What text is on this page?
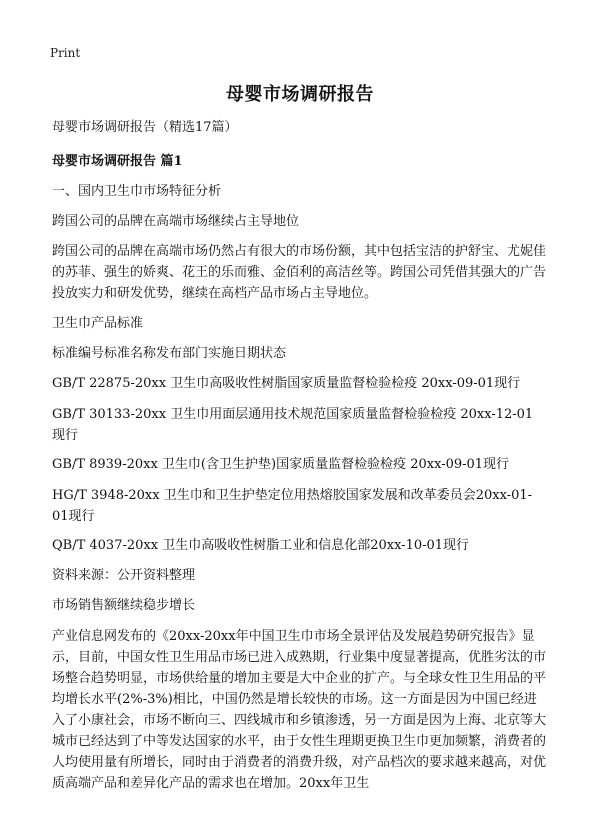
Print
母婴市场调研报告
母婴市场调研报告（精选17篇）
母婴市场调研报告 篇1
一、国内卫生巾市场特征分析
跨国公司的品牌在高端市场继续占主导地位
跨国公司的品牌在高端市场仍然占有很大的市场份额，其中包括宝洁的护舒宝、尤妮佳的苏菲、强生的娇爽、花王的乐而雅、金佰利的高洁丝等。跨国公司凭借其强大的广告投放实力和研发优势，继续在高档产品市场占主导地位。
卫生巾产品标准
标准编号标准名称发布部门实施日期状态
GB/T 22875-20xx 卫生巾高吸收性树脂国家质量监督检验检疫 20xx-09-01现行
GB/T 30133-20xx 卫生巾用面层通用技术规范国家质量监督检验检疫 20xx-12-01现行
GB/T 8939-20xx 卫生巾(含卫生护垫)国家质量监督检验检疫 20xx-09-01现行
HG/T 3948-20xx 卫生巾和卫生护垫定位用热熔胶国家发展和改革委员会20xx-01-01现行
QB/T 4037-20xx 卫生巾高吸收性树脂工业和信息化部20xx-10-01现行
资料来源：公开资料整理
市场销售额继续稳步增长
产业信息网发布的《20xx-20xx年中国卫生巾市场全景评估及发展趋势研究报告》显示，目前，中国女性卫生用品市场已进入成熟期，行业集中度显著提高，优胜劣汰的市场整合趋势明显，市场供给量的增加主要是大中企业的扩产。与全球女性卫生用品的平均增长水平(2%-3%)相比，中国仍然是增长较快的市场。这一方面是因为中国已经进入了小康社会，市场不断向三、四线城市和乡镇渗透，另一方面是因为上海、北京等大城市已经达到了中等发达国家的水平，由于女性生理期更换卫生巾更加频繁，消费者的人均使用量有所增长，同时由于消费者的消费升级，对产品档次的要求越来越高，对优质高端产品和差异化产品的需求也在增加。20xx年卫生
